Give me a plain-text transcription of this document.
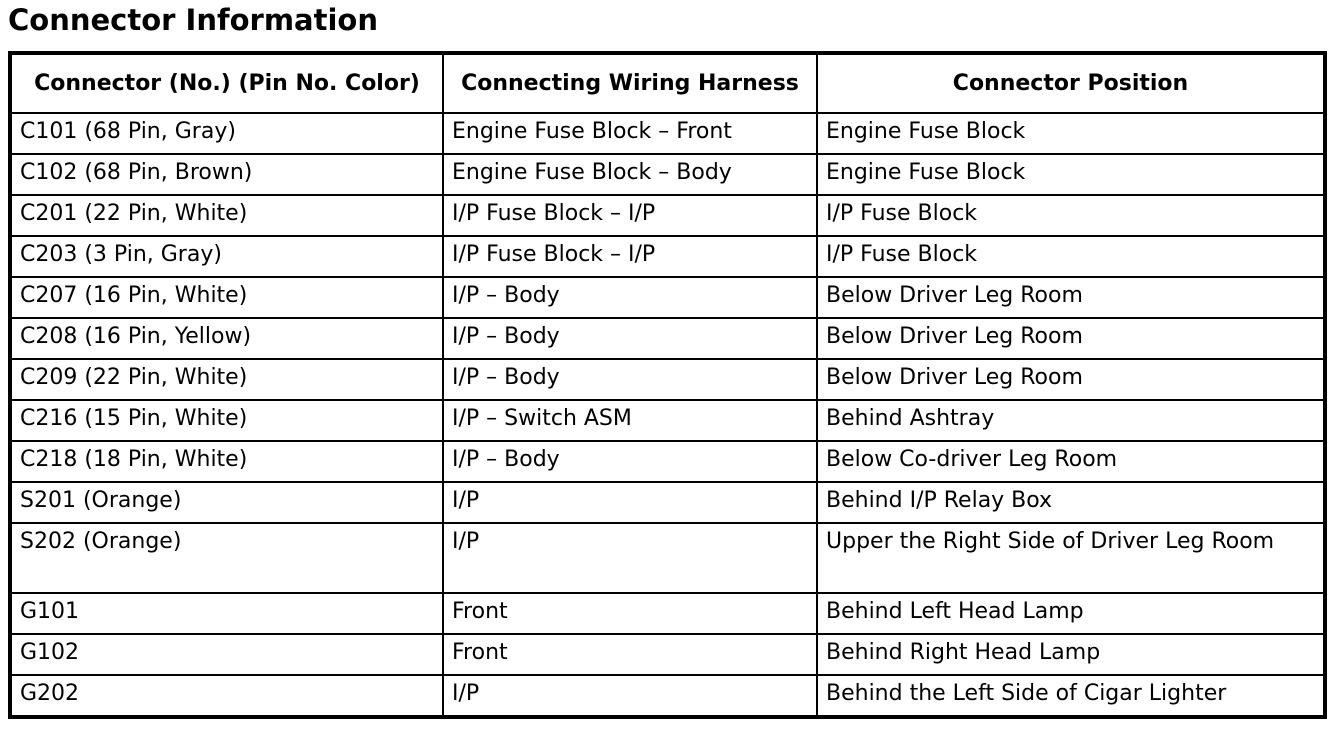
Connector Information
Connector (No.) (Pin No. Color)	Connecting Wiring Harness	Connector Position
C101 (68 Pin, Gray)	Engine Fuse Block – Front	Engine Fuse Block
C102 (68 Pin, Brown)	Engine Fuse Block – Body	Engine Fuse Block
C201 (22 Pin, White)	I/P Fuse Block – I/P	I/P Fuse Block
C203 (3 Pin, Gray)	I/P Fuse Block – I/P	I/P Fuse Block
C207 (16 Pin, White)	I/P – Body	Below Driver Leg Room
C208 (16 Pin, Yellow)	I/P – Body	Below Driver Leg Room
C209 (22 Pin, White)	I/P – Body	Below Driver Leg Room
C216 (15 Pin, White)	I/P – Switch ASM	Behind Ashtray
C218 (18 Pin, White)	I/P – Body	Below Co-driver Leg Room
S201 (Orange)	I/P	Behind I/P Relay Box
S202 (Orange)	I/P	Upper the Right Side of Driver Leg Room
G101	Front	Behind Left Head Lamp
G102	Front	Behind Right Head Lamp
G202	I/P	Behind the Left Side of Cigar Lighter
